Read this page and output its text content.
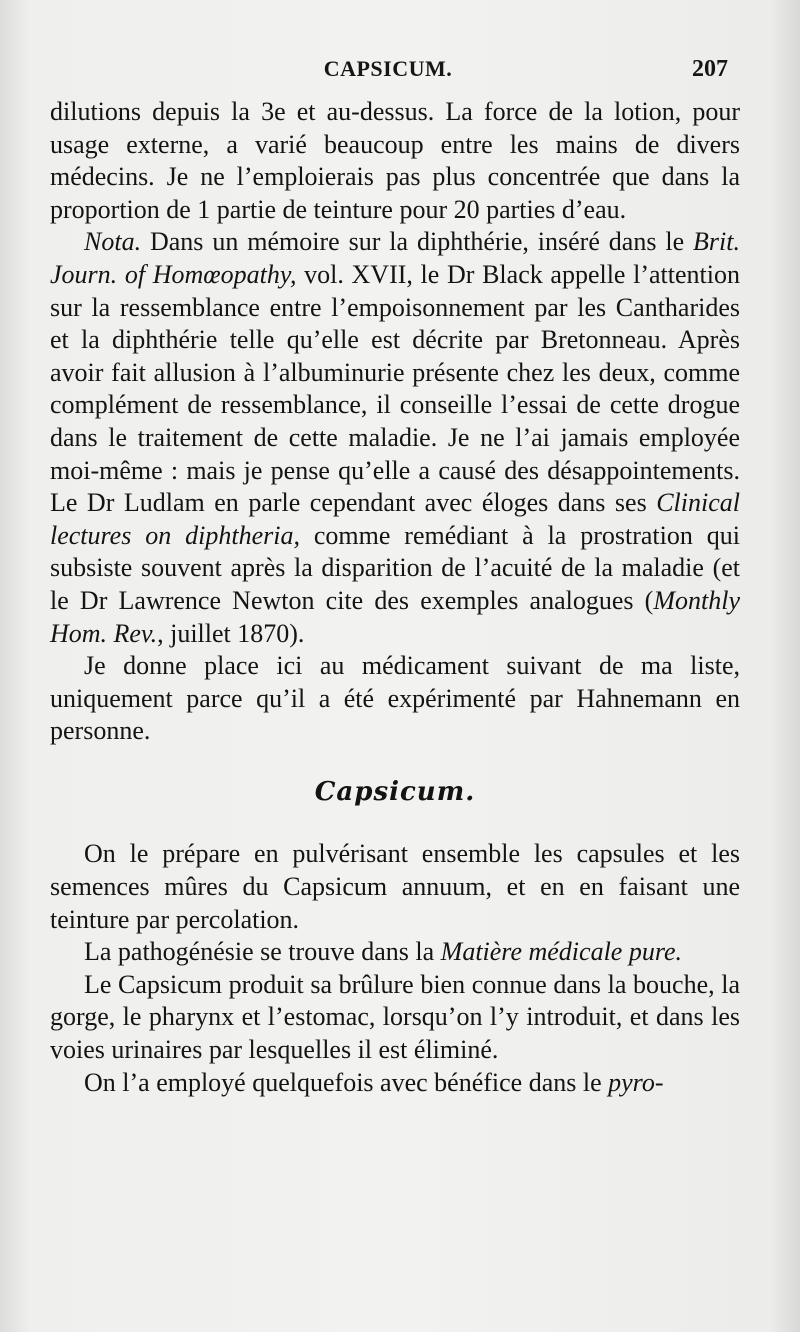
CAPSICUM.	207

dilutions depuis la 3e et au-dessus. La force de la lotion, pour usage externe, a varié beaucoup entre les mains de divers médecins. Je ne l’emploierais pas plus concentrée que dans la proportion de 1 partie de teinture pour 20 parties d’eau.

Nota. Dans un mémoire sur la diphthérie, inséré dans le Brit. Journ. of Homœopathy, vol. XVII, le Dr Black appelle l’attention sur la ressemblance entre l’empoisonnement par les Cantharides et la diphthérie telle qu’elle est décrite par Bretonneau. Après avoir fait allusion à l’albuminurie présente chez les deux, comme complément de ressemblance, il conseille l’essai de cette drogue dans le traitement de cette maladie. Je ne l’ai jamais employée moi-même : mais je pense qu’elle a causé des désappointements. Le Dr Ludlam en parle cependant avec éloges dans ses Clinical lectures on diphtheria, comme remédiant à la prostration qui subsiste souvent après la disparition de l’acuité de la maladie (et le Dr Lawrence Newton cite des exemples analogues (Monthly Hom. Rev., juillet 1870).

Je donne place ici au médicament suivant de ma liste, uniquement parce qu’il a été expérimenté par Hahnemann en personne.

Capsicum.

On le prépare en pulvérisant ensemble les capsules et les semences mûres du Capsicum annuum, et en en faisant une teinture par percolation.

La pathogénésie se trouve dans la Matière médicale pure.

Le Capsicum produit sa brûlure bien connue dans la bouche, la gorge, le pharynx et l’estomac, lorsqu’on l’y introduit, et dans les voies urinaires par lesquelles il est éliminé.

On l’a employé quelquefois avec bénéfice dans le pyro-
